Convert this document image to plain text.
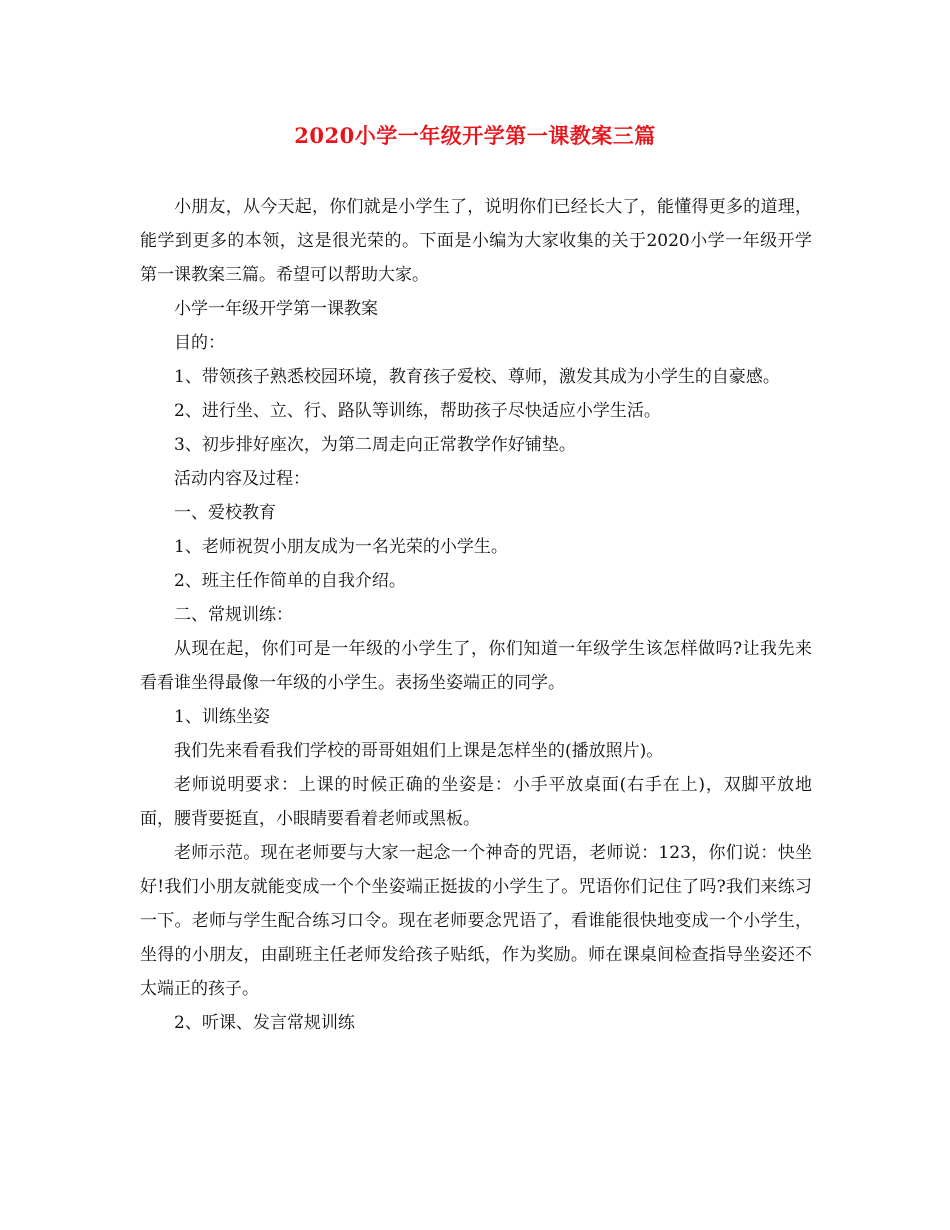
2020小学一年级开学第一课教案三篇

小朋友，从今天起，你们就是小学生了，说明你们已经长大了，能懂得更多的道理，能学到更多的本领，这是很光荣的。下面是小编为大家收集的关于2020小学一年级开学第一课教案三篇。希望可以帮助大家。

小学一年级开学第一课教案

目的：

1、带领孩子熟悉校园环境，教育孩子爱校、尊师，激发其成为小学生的自豪感。

2、进行坐、立、行、路队等训练，帮助孩子尽快适应小学生活。

3、初步排好座次，为第二周走向正常教学作好铺垫。

活动内容及过程：

一、爱校教育

1、老师祝贺小朋友成为一名光荣的小学生。

2、班主任作简单的自我介绍。

二、常规训练：

从现在起，你们可是一年级的小学生了，你们知道一年级学生该怎样做吗?让我先来看看谁坐得最像一年级的小学生。表扬坐姿端正的同学。

1、训练坐姿

我们先来看看我们学校的哥哥姐姐们上课是怎样坐的(播放照片)。

老师说明要求：上课的时候正确的坐姿是：小手平放桌面(右手在上)，双脚平放地面，腰背要挺直，小眼睛要看着老师或黑板。

老师示范。现在老师要与大家一起念一个神奇的咒语，老师说：123，你们说：快坐好!我们小朋友就能变成一个个坐姿端正挺拔的小学生了。咒语你们记住了吗?我们来练习一下。老师与学生配合练习口令。现在老师要念咒语了，看谁能很快地变成一个小学生，坐得的小朋友，由副班主任老师发给孩子贴纸，作为奖励。师在课桌间检查指导坐姿还不太端正的孩子。

2、听课、发言常规训练
